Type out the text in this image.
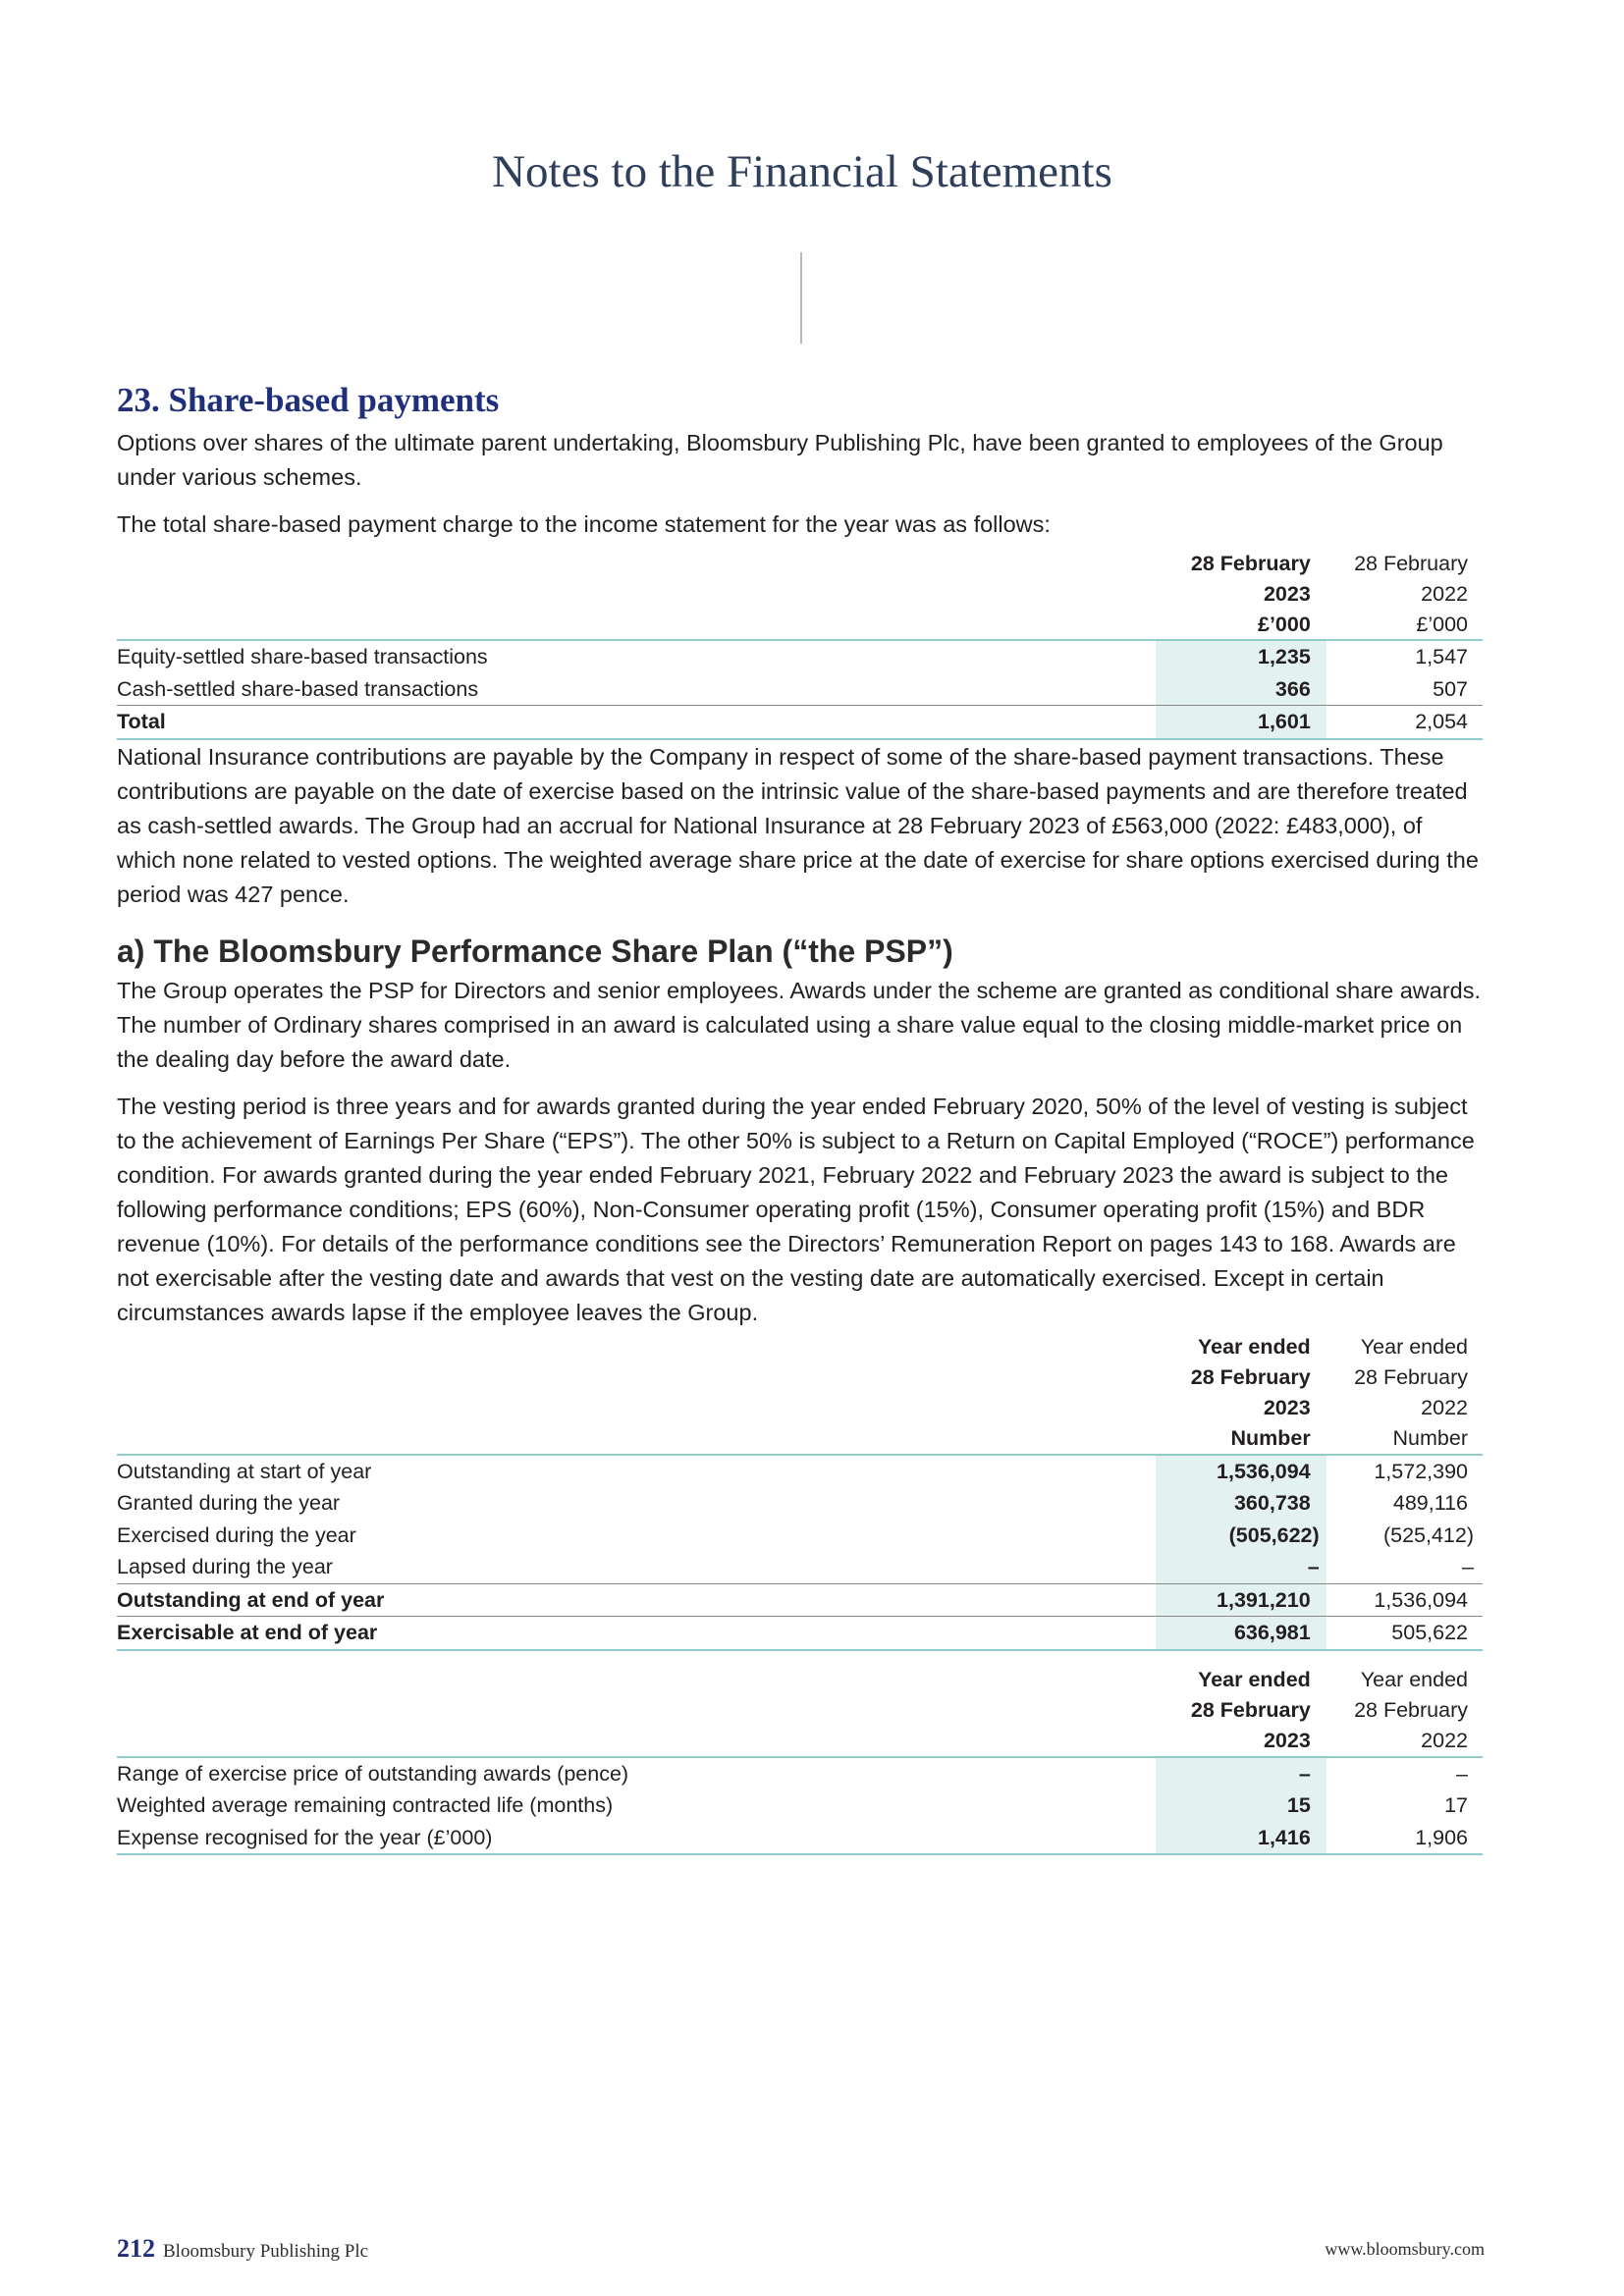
Notes to the Financial Statements
23. Share-based payments

Options over shares of the ultimate parent undertaking, Bloomsbury Publishing Plc, have been granted to employees of the Group under various schemes.

The total share-based payment charge to the income statement for the year was as follows:

	28 February	28 February
	2023	2022
	£’000	£’000
Equity-settled share-based transactions	1,235	1,547
Cash-settled share-based transactions	366	507
Total	1,601	2,054

National Insurance contributions are payable by the Company in respect of some of the share-based payment transactions. These contributions are payable on the date of exercise based on the intrinsic value of the share-based payments and are therefore treated as cash-settled awards. The Group had an accrual for National Insurance at 28 February 2023 of £563,000 (2022: £483,000), of which none related to vested options. The weighted average share price at the date of exercise for share options exercised during the period was 427 pence.

a) The Bloomsbury Performance Share Plan (“the PSP”)

The Group operates the PSP for Directors and senior employees. Awards under the scheme are granted as conditional share awards. The number of Ordinary shares comprised in an award is calculated using a share value equal to the closing middle-market price on the dealing day before the award date.

The vesting period is three years and for awards granted during the year ended February 2020, 50% of the level of vesting is subject to the achievement of Earnings Per Share (“EPS”). The other 50% is subject to a Return on Capital Employed (“ROCE”) performance condition. For awards granted during the year ended February 2021, February 2022 and February 2023 the award is subject to the following performance conditions; EPS (60%), Non-Consumer operating profit (15%), Consumer operating profit (15%) and BDR revenue (10%). For details of the performance conditions see the Directors’ Remuneration Report on pages 143 to 168. Awards are not exercisable after the vesting date and awards that vest on the vesting date are automatically exercised. Except in certain circumstances awards lapse if the employee leaves the Group.

	Year ended	Year ended
	28 February	28 February
	2023	2022
	Number	Number
Outstanding at start of year	1,536,094	1,572,390
Granted during the year	360,738	489,116
Exercised during the year	(505,622)	(525,412)
Lapsed during the year	–	–
Outstanding at end of year	1,391,210	1,536,094
Exercisable at end of year	636,981	505,622
	Year ended	Year ended
	28 February	28 February
	2023	2022
Range of exercise price of outstanding awards (pence)	–	–
Weighted average remaining contracted life (months)	15	17
Expense recognised for the year (£’000)	1,416	1,906
212 Bloomsbury Publishing Plc	www.bloomsbury.com
